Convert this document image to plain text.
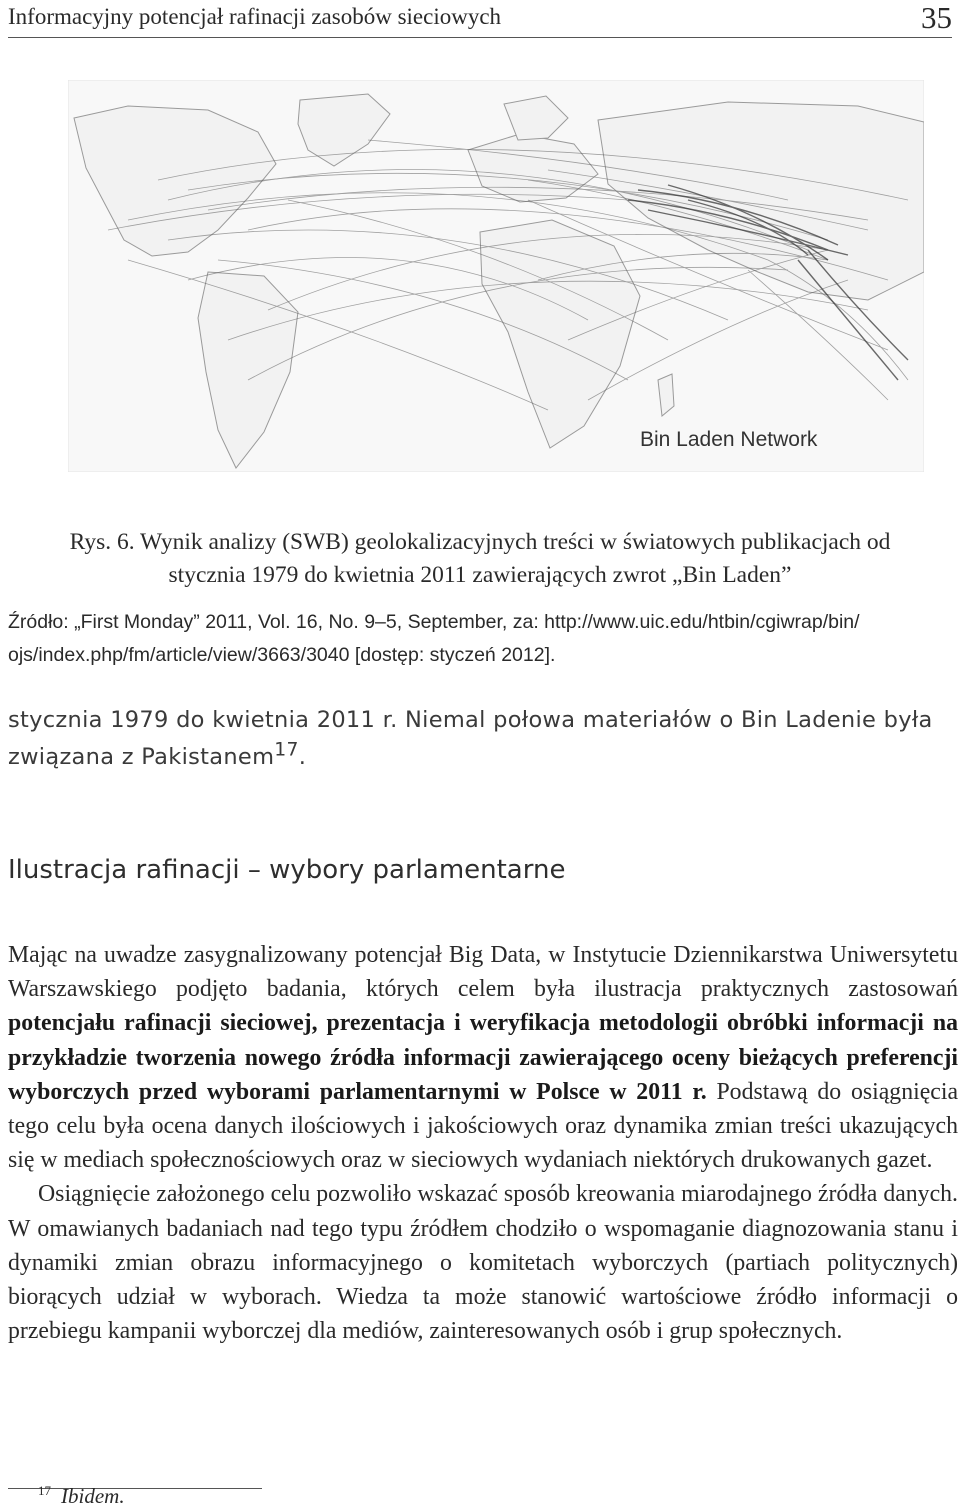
Informacyjny potencjał rafinacji zasobów sieciowych	35
Bin Laden Network
Rys. 6. Wynik analizy (SWB) geolokalizacyjnych treści w światowych publikacjach od
stycznia 1979 do kwietnia 2011 zawierających zwrot „Bin Laden”
Źródło: „First Monday” 2011, Vol. 16, No. 9–5, September, za: http://www.uic.edu/htbin/cgiwrap/bin/
ojs/index.php/fm/article/view/3663/3040 [dostęp: styczeń 2012].
stycznia 1979 do kwietnia 2011 r. Niemal połowa materiałów o Bin Ladenie była
związana z Pakistanem$^{17}$.
Ilustracja rafinacji – wybory parlamentarne

Mając na uwadze zasygnalizowany potencjał Big Data, w Instytucie Dziennikarstwa Uniwersytetu Warszawskiego podjęto badania, których celem była ilustracja praktycznych zastosowań potencjału rafinacji sieciowej, prezentacja i weryfikacja metodologii obróbki informacji na przykładzie tworzenia nowego źródła informacji zawierającego oceny bieżących preferencji wyborczych przed wyborami parlamentarnymi w Polsce w 2011 r. Podstawą do osiągnięcia tego celu była ocena danych ilościowych i jakościowych oraz dynamika zmian treści ukazujących się w mediach społecznościowych oraz w sieciowych wydaniach niektórych drukowanych gazet.

Osiągnięcie założonego celu pozwoliło wskazać sposób kreowania miarodajnego źródła danych. W omawianych badaniach nad tego typu źródłem chodziło o wspomaganie diagnozowania stanu i dynamiki zmian obrazu informacyjnego o komitetach wyborczych (partiach politycznych) biorących udział w wyborach. Wiedza ta może stanowić wartościowe źródło informacji o przebiegu kampanii wyborczej dla mediów, zainteresowanych osób i grup społecznych.

$^{17}$ Ibidem.
